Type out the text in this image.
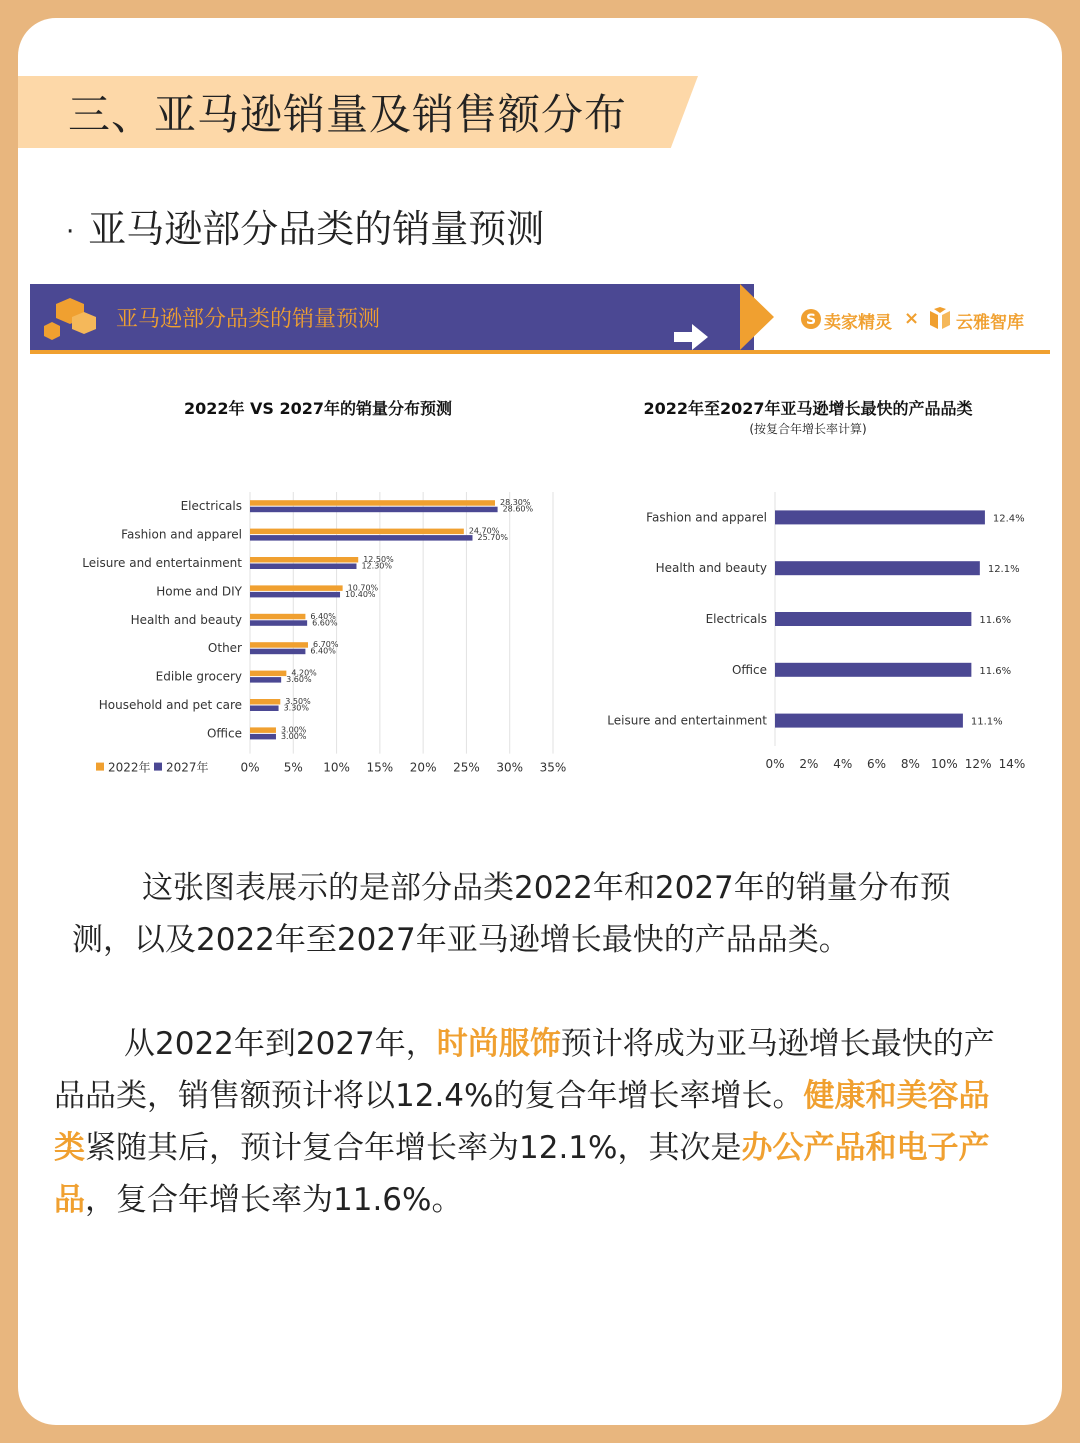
三、亚马逊销量及销售额分布
· 亚马逊部分品类的销量预测
亚马逊部分品类的销量预测	S 卖家精灵 × 云雅智库
2022年 VS 2027年的销量分布预测	2022年至2027年亚马逊增长最快的产品品类
(按复合年增长率计算)
0% 5% 10% 15% 20% 25% 30% 35%
Electricals	28.30%
28.60%
Fashion and apparel	24.70%
25.70%
Leisure and entertainment	12.50%
12.30%
Home and DIY	10.70%
10.40%
Health and beauty	6.40%
6.60%
Other	6.70%
6.40%
Edible grocery	4.20%
3.60%
Household and pet care	3.50%
3.30%
Office	3.00%
3.00%
2022年 2027年	0% 2% 4% 6% 8% 10% 12% 14%
Fashion and apparel	12.4%
Health and beauty	12.1%
Electricals	11.6%
Office	11.6%
Leisure and entertainment	11.1%
这张图表展示的是部分品类2022年和2027年的销量分布预测，以及2022年至2027年亚马逊增长最快的产品品类。
从2022年到2027年，时尚服饰预计将成为亚马逊增长最快的产品品类，销售额预计将以12.4%的复合年增长率增长。健康和美容品类紧随其后，预计复合年增长率为12.1%，其次是办公产品和电子产品，复合年增长率为11.6%。
